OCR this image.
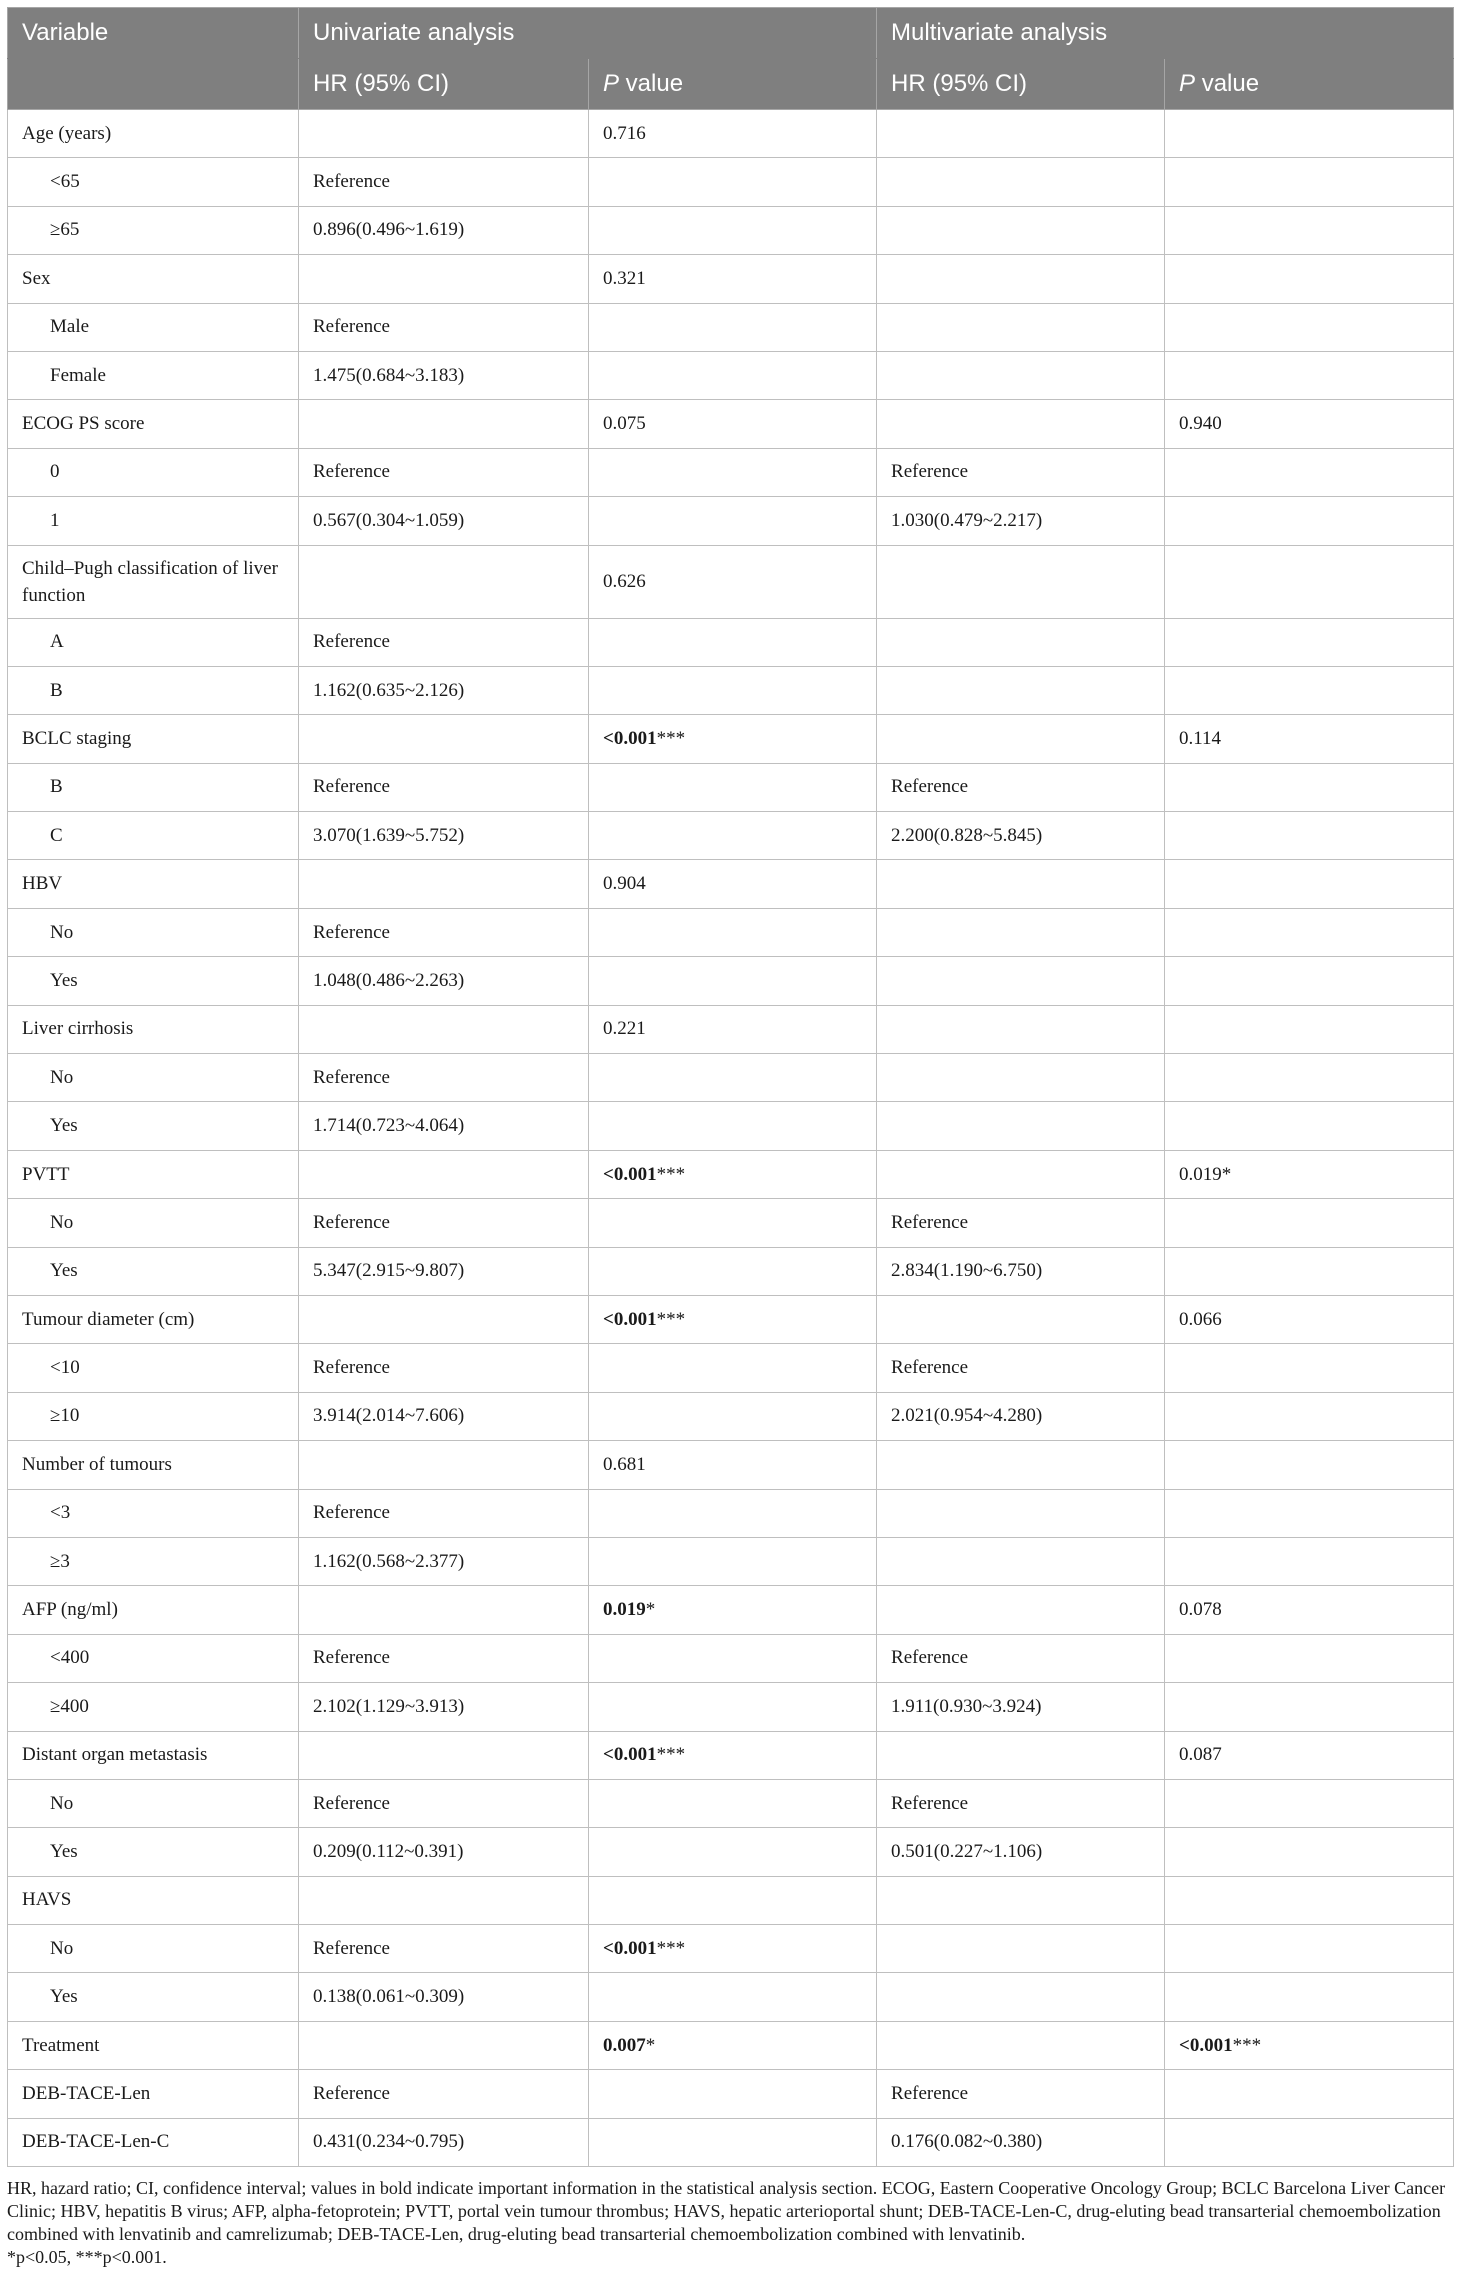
Variable	Univariate analysis		Multivariate analysis	
	HR (95% CI)	P value	HR (95% CI)	P value
Age (years)		0.716		
<65	Reference			
≥65	0.896(0.496~1.619)			
Sex		0.321		
Male	Reference			
Female	1.475(0.684~3.183)			
ECOG PS score		0.075		0.940
0	Reference		Reference	
1	0.567(0.304~1.059)		1.030(0.479~2.217)	
Child–Pugh classification of liver function		0.626		
A	Reference			
B	1.162(0.635~2.126)			
BCLC staging		<0.001***		0.114
B	Reference		Reference	
C	3.070(1.639~5.752)		2.200(0.828~5.845)	
HBV		0.904		
No	Reference			
Yes	1.048(0.486~2.263)			
Liver cirrhosis		0.221		
No	Reference			
Yes	1.714(0.723~4.064)			
PVTT		<0.001***		0.019*
No	Reference		Reference	
Yes	5.347(2.915~9.807)		2.834(1.190~6.750)	
Tumour diameter (cm)		<0.001***		0.066
<10	Reference		Reference	
≥10	3.914(2.014~7.606)		2.021(0.954~4.280)	
Number of tumours		0.681		
<3	Reference			
≥3	1.162(0.568~2.377)			
AFP (ng/ml)		0.019*		0.078
<400	Reference		Reference	
≥400	2.102(1.129~3.913)		1.911(0.930~3.924)	
Distant organ metastasis		<0.001***		0.087
No	Reference		Reference	
Yes	0.209(0.112~0.391)		0.501(0.227~1.106)	
HAVS				
No	Reference	<0.001***		
Yes	0.138(0.061~0.309)			
Treatment		0.007*		<0.001***
DEB-TACE-Len	Reference		Reference	
DEB-TACE-Len-C	0.431(0.234~0.795)		0.176(0.082~0.380)	
HR, hazard ratio; CI, confidence interval; values in bold indicate important information in the statistical analysis section. ECOG, Eastern Cooperative Oncology Group; BCLC Barcelona Liver Cancer Clinic; HBV, hepatitis B virus; AFP, alpha-fetoprotein; PVTT, portal vein tumour thrombus; HAVS, hepatic arterioportal shunt; DEB-TACE-Len-C, drug-eluting bead transarterial chemoembolization combined with lenvatinib and camrelizumab; DEB-TACE-Len, drug-eluting bead transarterial chemoembolization combined with lenvatinib.
*p<0.05, ***p<0.001.
